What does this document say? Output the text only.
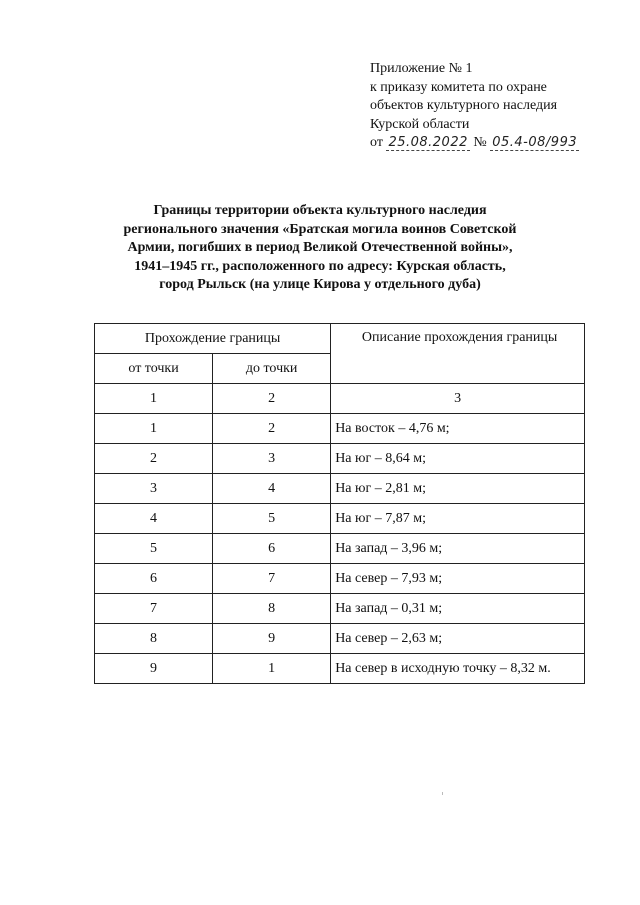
Приложение № 1
к приказу комитета по охране
объектов культурного наследия
Курской области
от 25.08.2022 № 05.4-08/993
Границы территории объекта культурного наследия
регионального значения «Братская могила воинов Советской
Армии, погибших в период Великой Отечественной войны»,
1941–1945 гг., расположенного по адресу: Курская область,
город Рыльск (на улице Кирова у отдельного дуба)
Прохождение границы		Описание прохождения границы
от точки	до точки	
1	2	3
1	2	На восток – 4,76 м;
2	3	На юг – 8,64 м;
3	4	На юг – 2,81 м;
4	5	На юг – 7,87 м;
5	6	На запад – 3,96 м;
6	7	На север – 7,93 м;
7	8	На запад – 0,31 м;
8	9	На север – 2,63 м;
9	1	На север в исходную точку – 8,32 м.
